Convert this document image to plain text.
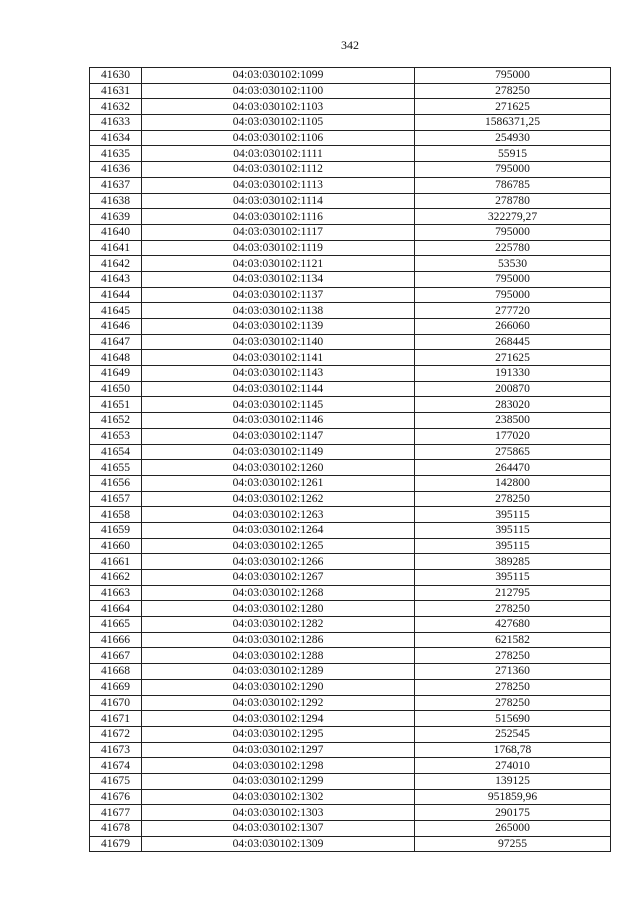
342
41630	04:03:030102:1099	795000
41631	04:03:030102:1100	278250
41632	04:03:030102:1103	271625
41633	04:03:030102:1105	1586371,25
41634	04:03:030102:1106	254930
41635	04:03:030102:1111	55915
41636	04:03:030102:1112	795000
41637	04:03:030102:1113	786785
41638	04:03:030102:1114	278780
41639	04:03:030102:1116	322279,27
41640	04:03:030102:1117	795000
41641	04:03:030102:1119	225780
41642	04:03:030102:1121	53530
41643	04:03:030102:1134	795000
41644	04:03:030102:1137	795000
41645	04:03:030102:1138	277720
41646	04:03:030102:1139	266060
41647	04:03:030102:1140	268445
41648	04:03:030102:1141	271625
41649	04:03:030102:1143	191330
41650	04:03:030102:1144	200870
41651	04:03:030102:1145	283020
41652	04:03:030102:1146	238500
41653	04:03:030102:1147	177020
41654	04:03:030102:1149	275865
41655	04:03:030102:1260	264470
41656	04:03:030102:1261	142800
41657	04:03:030102:1262	278250
41658	04:03:030102:1263	395115
41659	04:03:030102:1264	395115
41660	04:03:030102:1265	395115
41661	04:03:030102:1266	389285
41662	04:03:030102:1267	395115
41663	04:03:030102:1268	212795
41664	04:03:030102:1280	278250
41665	04:03:030102:1282	427680
41666	04:03:030102:1286	621582
41667	04:03:030102:1288	278250
41668	04:03:030102:1289	271360
41669	04:03:030102:1290	278250
41670	04:03:030102:1292	278250
41671	04:03:030102:1294	515690
41672	04:03:030102:1295	252545
41673	04:03:030102:1297	1768,78
41674	04:03:030102:1298	274010
41675	04:03:030102:1299	139125
41676	04:03:030102:1302	951859,96
41677	04:03:030102:1303	290175
41678	04:03:030102:1307	265000
41679	04:03:030102:1309	97255
